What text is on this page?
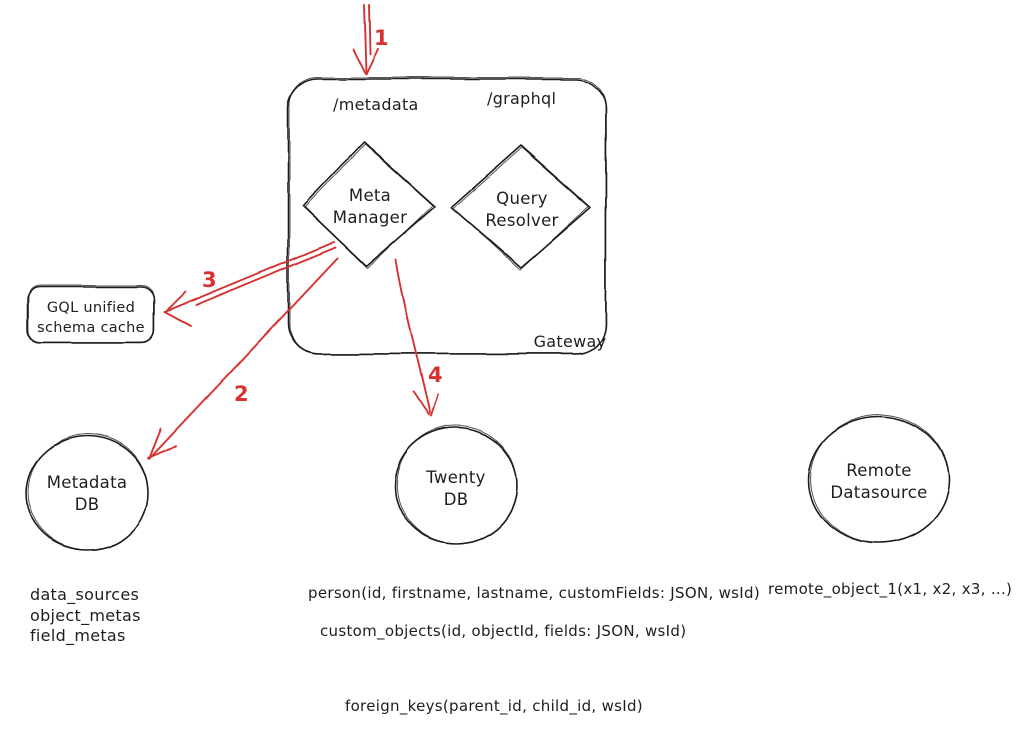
/metadata	/graphql
Meta
Manager
Query
Resolver
Gateway
GQL unified
schema cache
Metadata
DB
Twenty
DB
Remote
Datasource
data_sources
object_metas
field_metas
person(id, firstname, lastname, customFields: JSON, wsId)
custom_objects(id, objectId, fields: JSON, wsId)
remote_object_1(x1, x2, x3, ...)
foreign_keys(parent_id, child_id, wsId)
1
2
3
4
